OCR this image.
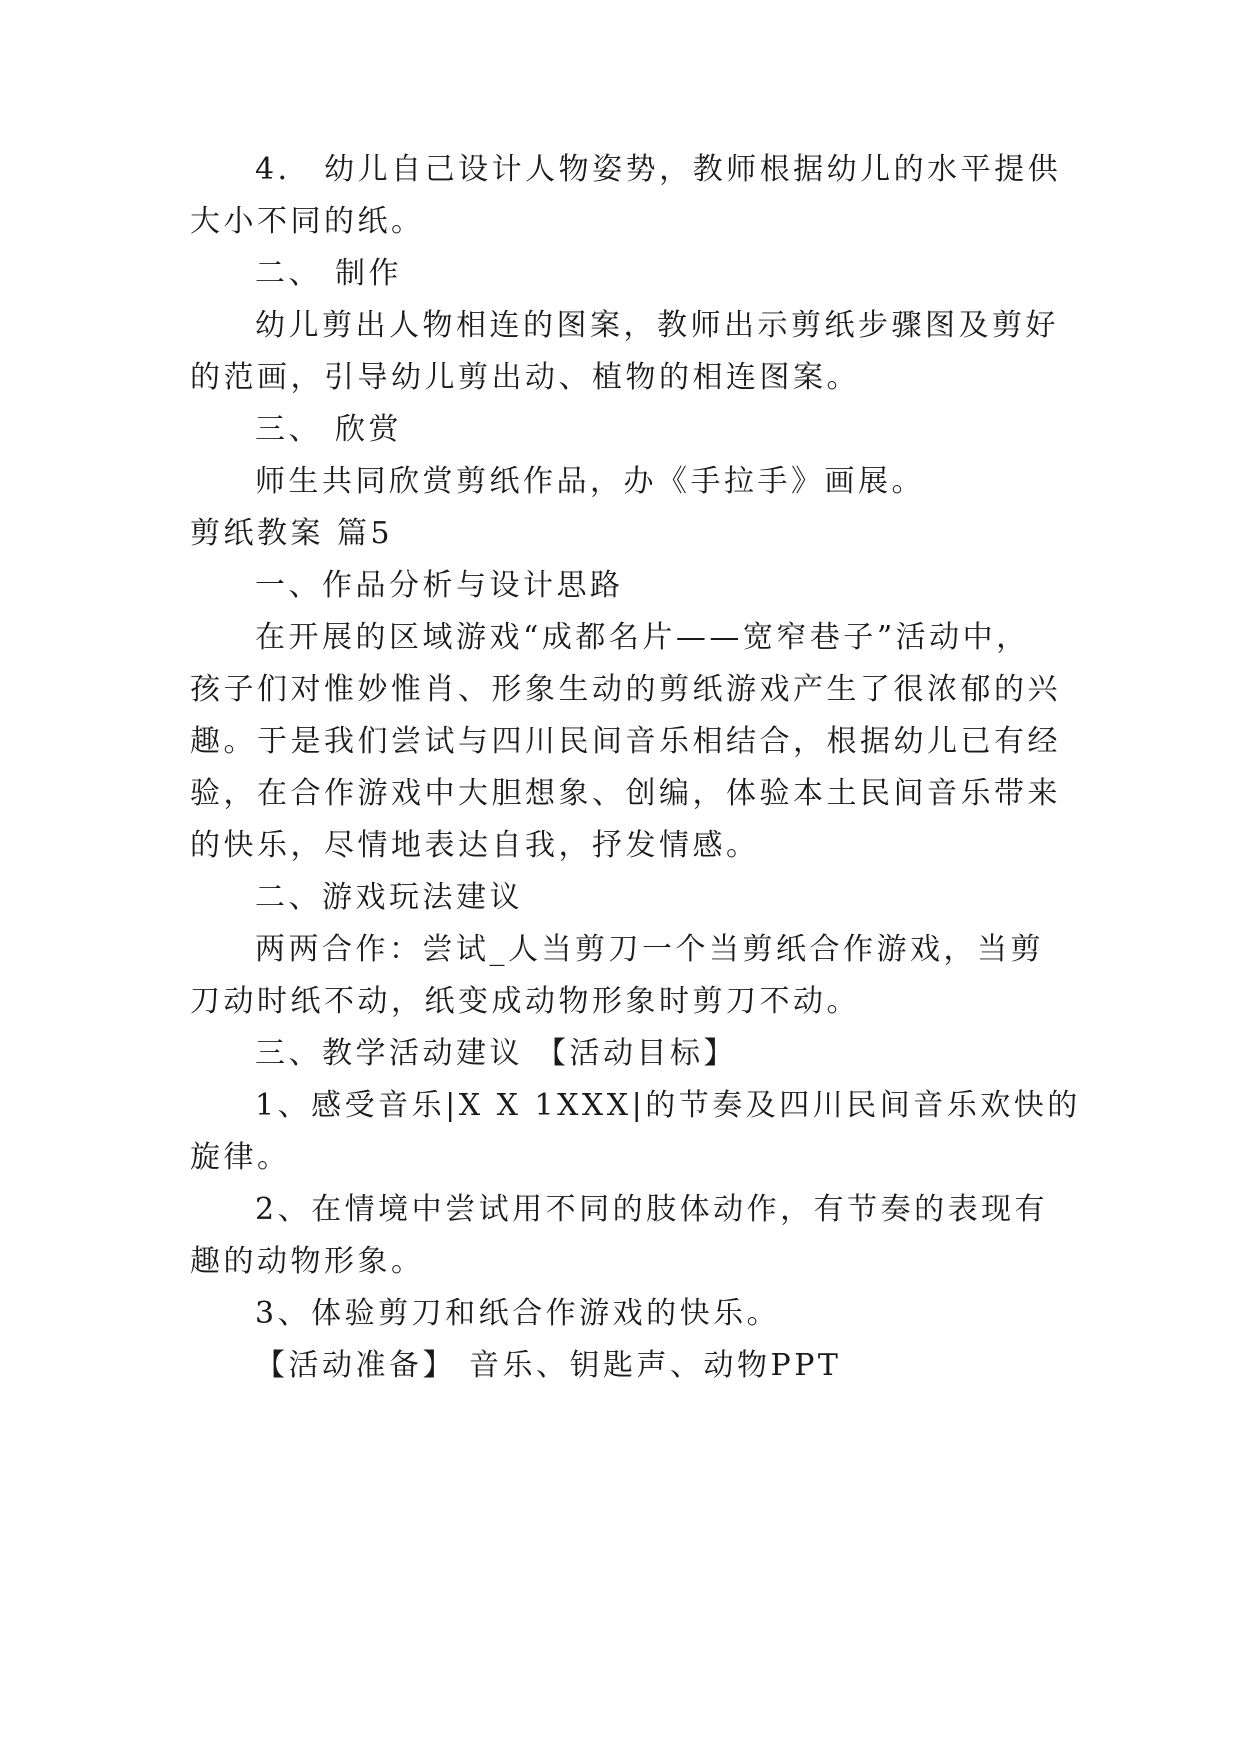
4． 幼儿自己设计人物姿势，教师根据幼儿的水平提供
大小不同的纸。
二、 制作
幼儿剪出人物相连的图案，教师出示剪纸步骤图及剪好
的范画，引导幼儿剪出动、植物的相连图案。
三、 欣赏
师生共同欣赏剪纸作品，办《手拉手》画展。
剪纸教案 篇5
一、作品分析与设计思路
在开展的区域游戏“成都名片——宽窄巷子”活动中，
孩子们对惟妙惟肖、形象生动的剪纸游戏产生了很浓郁的兴
趣。于是我们尝试与四川民间音乐相结合，根据幼儿已有经
验，在合作游戏中大胆想象、创编，体验本土民间音乐带来
的快乐，尽情地表达自我，抒发情感。
二、游戏玩法建议
两两合作：尝试_人当剪刀一个当剪纸合作游戏，当剪
刀动时纸不动，纸变成动物形象时剪刀不动。
三、教学活动建议 【活动目标】
1、感受音乐|X X 1XXX|的节奏及四川民间音乐欢快的
旋律。
2、在情境中尝试用不同的肢体动作，有节奏的表现有
趣的动物形象。
3、体验剪刀和纸合作游戏的快乐。
【活动准备】 音乐、钥匙声、动物PPT
